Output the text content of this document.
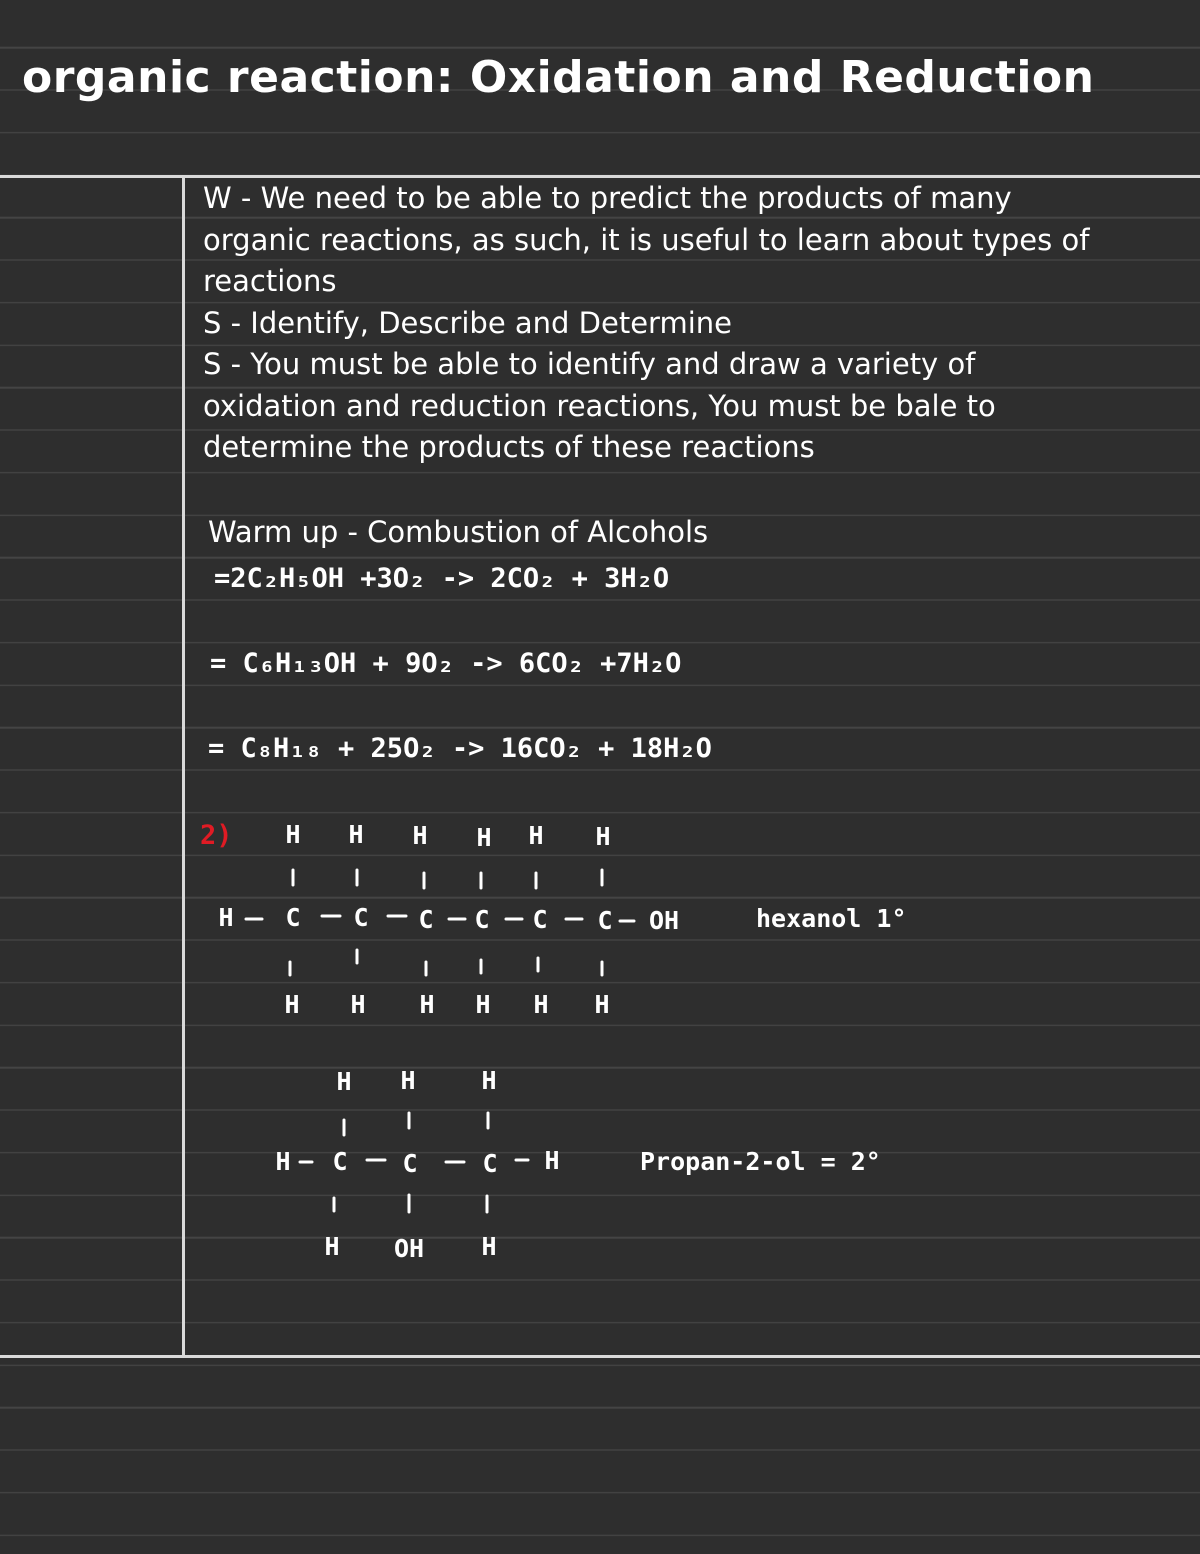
organic reaction: Oxidation and Reduction
W - We need to be able to predict the products of many
organic reactions, as such, it is useful to learn about types of
reactions
S - Identify, Describe and Determine
S - You must be able to identify and draw a variety of
oxidation and reduction reactions, You must be bale to
determine the products of these reactions
Warm up - Combustion of Alcohols
=2C₂H₅OH +3O₂ -> 2CO₂ + 3H₂O
= C₆H₁₃OH + 9O₂ -> 6CO₂ +7H₂O
= C₈H₁₈ + 25O₂ -> 16CO₂ + 18H₂O
2) H H H H H H
H C C C C C C OH
H H H H H H
hexanol 1°
H H	H
H C C	C H
H OH H
Propan-2-ol = 2°
